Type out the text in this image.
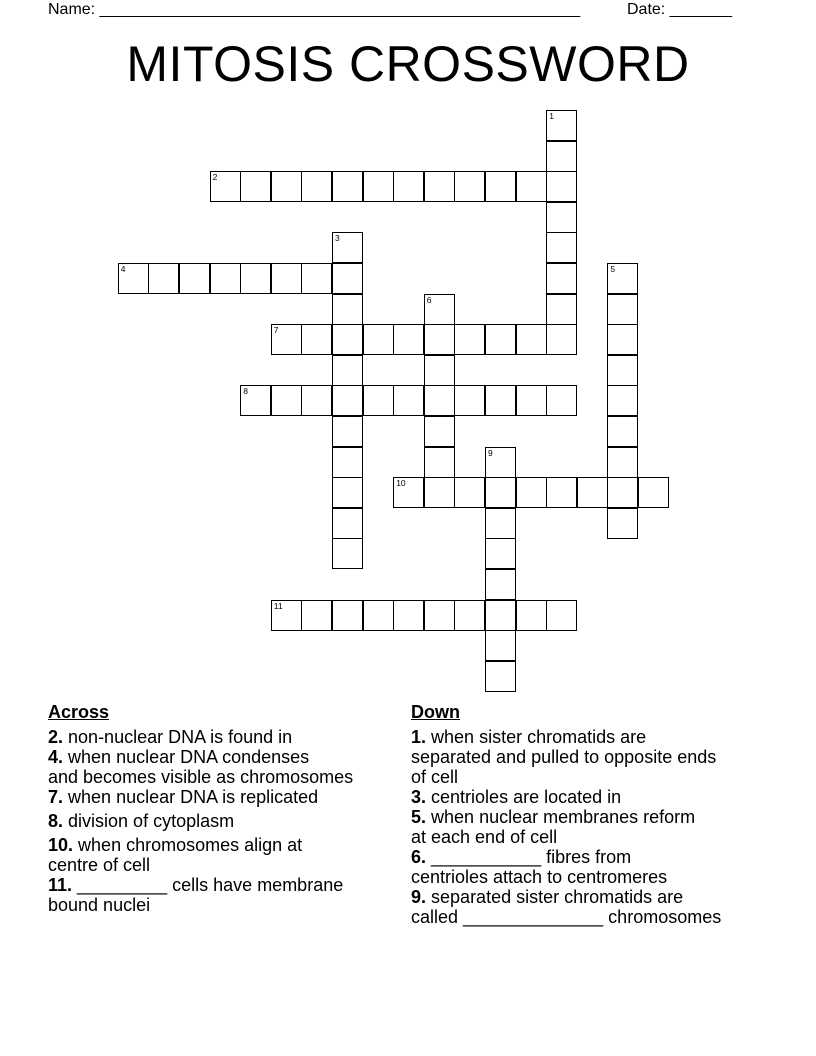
Name: ______________________________________________________	Date: _______
MITOSIS CROSSWORD
1
2
3
4	5
6
7
8
9
10
11
Across
2. non-nuclear DNA is found in
4. when nuclear DNA condenses
and becomes visible as chromosomes
7. when nuclear DNA is replicated
8. division of cytoplasm
10. when chromosomes align at
centre of cell
11. _________ cells have membrane
bound nuclei
Down
1. when sister chromatids are
separated and pulled to opposite ends
of cell
3. centrioles are located in
5. when nuclear membranes reform
at each end of cell
6. ___________ fibres from
centrioles attach to centromeres
9. separated sister chromatids are
called ______________ chromosomes
